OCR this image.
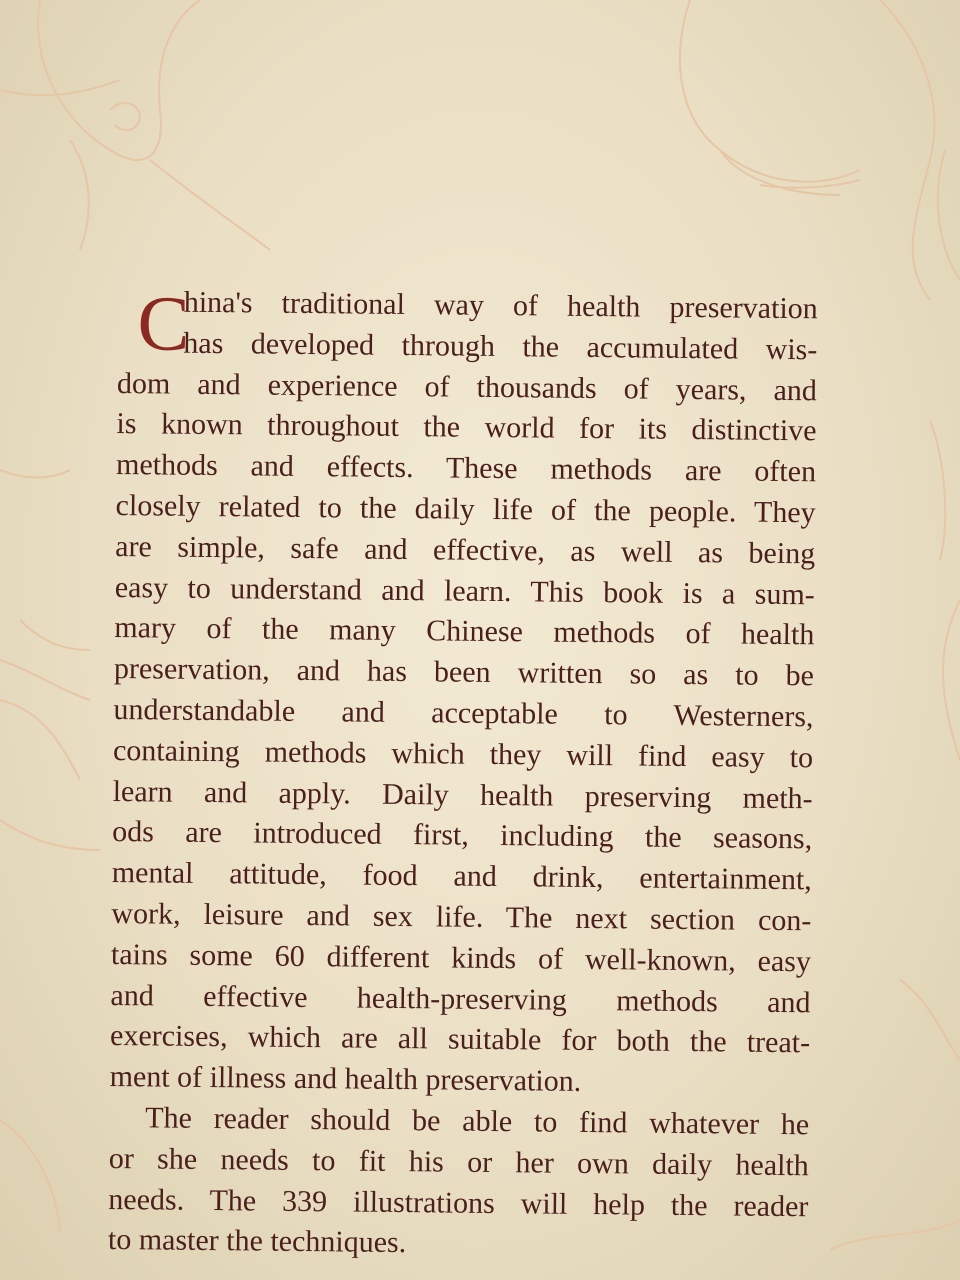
C
hina's traditional way of health preservation
has developed through the accumulated wis-
dom and experience of thousands of years, and
is known throughout the world for its distinctive
methods and effects. These methods are often
closely related to the daily life of the people. They
are simple, safe and effective, as well as being
easy to understand and learn. This book is a sum-
mary of the many Chinese methods of health
preservation, and has been written so as to be
understandable and acceptable to Westerners,
containing methods which they will find easy to
learn and apply. Daily health preserving meth-
ods are introduced first, including the seasons,
mental attitude, food and drink, entertainment,
work, leisure and sex life. The next section con-
tains some 60 different kinds of well-known, easy
and effective health-preserving methods and
exercises, which are all suitable for both the treat-
ment of illness and health preservation.
The reader should be able to find whatever he
or she needs to fit his or her own daily health
needs. The 339 illustrations will help the reader
to master the techniques.
